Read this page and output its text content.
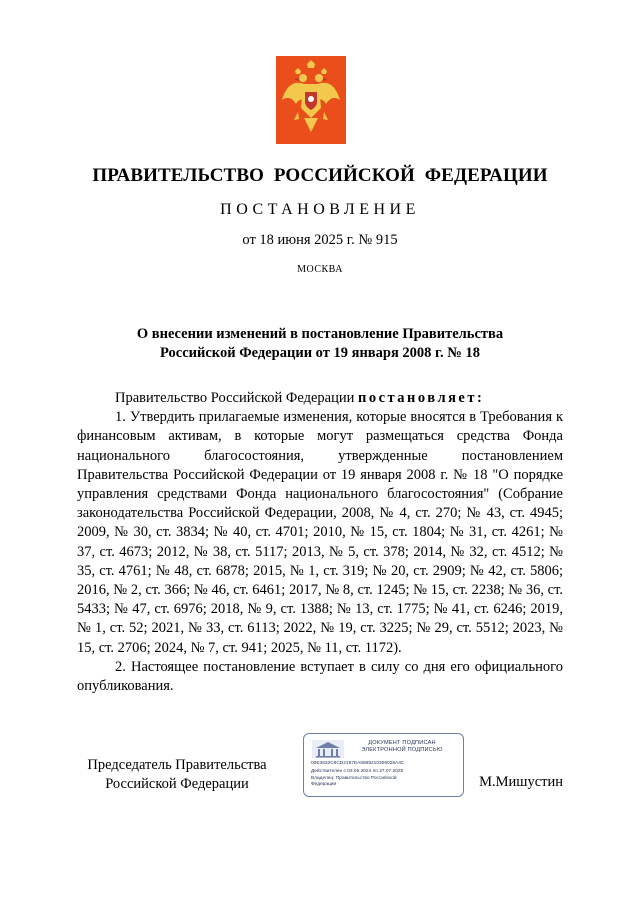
ПРАВИТЕЛЬСТВО РОССИЙСКОЙ ФЕДЕРАЦИИ
ПОСТАНОВЛЕНИЕ
от 18 июня 2025 г. № 915
МОСКВА
О внесении изменений в постановление Правительства
Российской Федерации от 19 января 2008 г. № 18

Правительство Российской Федерации постановляет:

1. Утвердить прилагаемые изменения, которые вносятся в Требования к финансовым активам, в которые могут размещаться средства Фонда национального благосостояния, утвержденные постановлением Правительства Российской Федерации от 19 января 2008 г. № 18 "О порядке управления средствами Фонда национального благосостояния" (Собрание законодательства Российской Федерации, 2008, № 4, ст. 270; № 43, ст. 4945; 2009, № 30, ст. 3834; № 40, ст. 4701; 2010, № 15, ст. 1804; № 31, ст. 4261; № 37, ст. 4673; 2012, № 38, ст. 5117; 2013, № 5, ст. 378; 2014, № 32, ст. 4512; № 35, ст. 4761; № 48, ст. 6878; 2015, № 1, ст. 319; № 20, ст. 2909; № 42, ст. 5806; 2016, № 2, ст. 366; № 46, ст. 6461; 2017, № 8, ст. 1245; № 15, ст. 2238; № 36, ст. 5433; № 47, ст. 6976; 2018, № 9, ст. 1388; № 13, ст. 1775; № 41, ст. 6246; 2019, № 1, ст. 52; 2021, № 33, ст. 6113; 2022, № 19, ст. 3225; № 29, ст. 5512; 2023, № 15, ст. 2706; 2024, № 7, ст. 941; 2025, № 11, ст. 1172).

2. Настоящее постановление вступает в силу со дня его официального опубликования.

Председатель Правительства
Российской Федерации
ДОКУМЕНТ ПОДПИСАН
ЭЛЕКТРОННОЙ ПОДПИСЬЮ
00E3632C6CD2197EA0669210306028A4C
Действителен с 03.05.2024 по 27.07.2025
Владелец: Правительство Российской
Федерации	М.Мишустин
